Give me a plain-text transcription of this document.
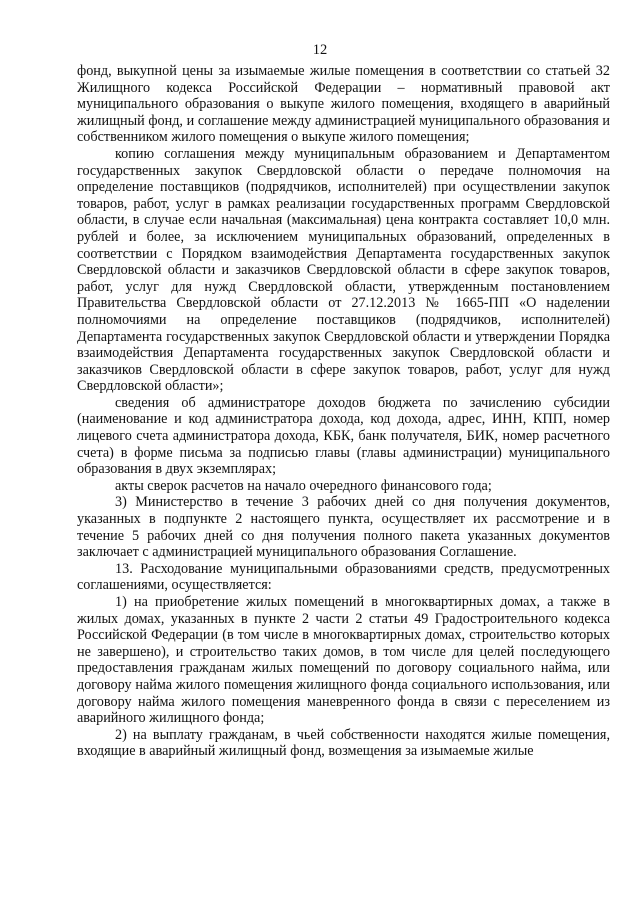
12

фонд, выкупной цены за изымаемые жилые помещения в соответствии со статьей 32 Жилищного кодекса Российской Федерации – нормативный правовой акт муниципального образования о выкупе жилого помещения, входящего в аварийный жилищный фонд, и соглашение между администрацией муниципального образования и собственником жилого помещения о выкупе жилого помещения;

копию соглашения между муниципальным образованием и Департаментом государственных закупок Свердловской области о передаче полномочия на определение поставщиков (подрядчиков, исполнителей) при осуществлении закупок товаров, работ, услуг в рамках реализации государственных программ Свердловской области, в случае если начальная (максимальная) цена контракта составляет 10,0 млн. рублей и более, за исключением муниципальных образований, определенных в соответствии с Порядком взаимодействия Департамента государственных закупок Свердловской области и заказчиков Свердловской области в сфере закупок товаров, работ, услуг для нужд Свердловской области, утвержденным постановлением Правительства Свердловской области от 27.12.2013 № 1665-ПП «О наделении полномочиями на определение поставщиков (подрядчиков, исполнителей) Департамента государственных закупок Свердловской области и утверждении Порядка взаимодействия Департамента государственных закупок Свердловской области и заказчиков Свердловской области в сфере закупок товаров, работ, услуг для нужд Свердловской области»;

сведения об администраторе доходов бюджета по зачислению субсидии (наименование и код администратора дохода, код дохода, адрес, ИНН, КПП, номер лицевого счета администратора дохода, КБК, банк получателя, БИК, номер расчетного счета) в форме письма за подписью главы (главы администрации) муниципального образования в двух экземплярах;

акты сверок расчетов на начало очередного финансового года;

3) Министерство в течение 3 рабочих дней со дня получения документов, указанных в подпункте 2 настоящего пункта, осуществляет их рассмотрение и в течение 5 рабочих дней со дня получения полного пакета указанных документов заключает с администрацией муниципального образования Соглашение.

13. Расходование муниципальными образованиями средств, предусмотренных соглашениями, осуществляется:

1) на приобретение жилых помещений в многоквартирных домах, а также в жилых домах, указанных в пункте 2 части 2 статьи 49 Градостроительного кодекса Российской Федерации (в том числе в многоквартирных домах, строительство которых не завершено), и строительство таких домов, в том числе для целей последующего предоставления гражданам жилых помещений по договору социального найма, или договору найма жилого помещения жилищного фонда социального использования, или договору найма жилого помещения маневренного фонда в связи с переселением из аварийного жилищного фонда;

2) на выплату гражданам, в чьей собственности находятся жилые помещения, входящие в аварийный жилищный фонд, возмещения за изымаемые жилые
